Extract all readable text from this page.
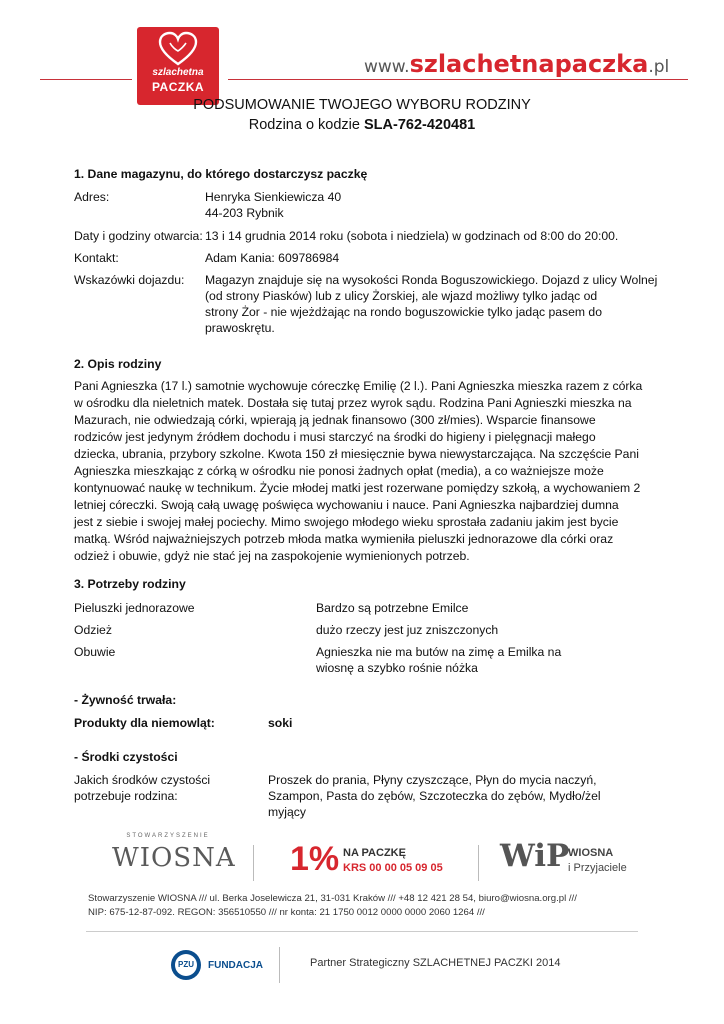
szlachetna
PACZKA
www.szlachetnapaczka.pl
PODSUMOWANIE TWOJEGO WYBORU RODZINY
Rodzina o kodzie SLA-762-420481
1. Dane magazynu, do którego dostarczysz paczkę
Adres:	Henryka Sienkiewicza 40
44-203 Rybnik
Daty i godziny otwarcia: 13 i 14 grudnia 2014 roku (sobota i niedziela) w godzinach od 8:00 do 20:00.
Kontakt:	Adam Kania: 609786984
Wskazówki dojazdu: Magazyn znajduje się na wysokości Ronda Boguszowickiego. Dojazd z ulicy Wolnej
(od strony Piasków) lub z ulicy Żorskiej, ale wjazd możliwy tylko jadąc od
strony Żor - nie wjeżdżając na rondo boguszowickie tylko jadąc pasem do
prawoskrętu.
2. Opis rodziny
Pani Agnieszka (17 l.) samotnie wychowuje córeczkę Emilię (2 l.). Pani Agnieszka mieszka razem z córka
w ośrodku dla nieletnich matek. Dostała się tutaj przez wyrok sądu. Rodzina Pani Agnieszki mieszka na
Mazurach, nie odwiedzają córki, wpierają ją jednak finansowo (300 zł/mies). Wsparcie finansowe
rodziców jest jedynym źródłem dochodu i musi starczyć na środki do higieny i pielęgnacji małego
dziecka, ubrania, przybory szkolne. Kwota 150 zł miesięcznie bywa niewystarczająca. Na szczęście Pani
Agnieszka mieszkając z córką w ośrodku nie ponosi żadnych opłat (media), a co ważniejsze może
kontynuować naukę w technikum. Życie młodej matki jest rozerwane pomiędzy szkołą, a wychowaniem 2
letniej córeczki. Swoją całą uwagę poświęca wychowaniu i nauce. Pani Agnieszka najbardziej dumna
jest z siebie i swojej małej pociechy. Mimo swojego młodego wieku sprostała zadaniu jakim jest bycie
matką. Wśród najważniejszych potrzeb młoda matka wymieniła pieluszki jednorazowe dla córki oraz
odzież i obuwie, gdyż nie stać jej na zaspokojenie wymienionych potrzeb.
3. Potrzeby rodziny
Pieluszki jednorazowe	Bardzo są potrzebne Emilce
Odzież	dużo rzeczy jest juz zniszczonych
Obuwie	Agnieszka nie ma butów na zimę a Emilka na
wiosnę a szybko rośnie nóżka
- Żywność trwała:
Produkty dla niemowląt:	soki
- Środki czystości
Jakich środków czystości
potrzebuje rodzina:
Proszek do prania, Płyny czyszczące, Płyn do mycia naczyń,
Szampon, Pasta do zębów, Szczoteczka do zębów, Mydło/żel
myjący
STOWARZYSZENIE
WIOSNA 1% NA PACZKĘ
KRS 00 00 05 09 05 WiP
WIOSNA
i Przyjaciele
Stowarzyszenie WIOSNA /// ul. Berka Joselewicza 21, 31-031 Kraków /// +48 12 421 28 54, biuro@wiosna.org.pl ///
NIP: 675-12-87-092. REGON: 356510550 /// nr konta: 21 1750 0012 0000 0000 2060 1264 ///
PZU	FUNDACJA	Partner Strategiczny SZLACHETNEJ PACZKI 2014
